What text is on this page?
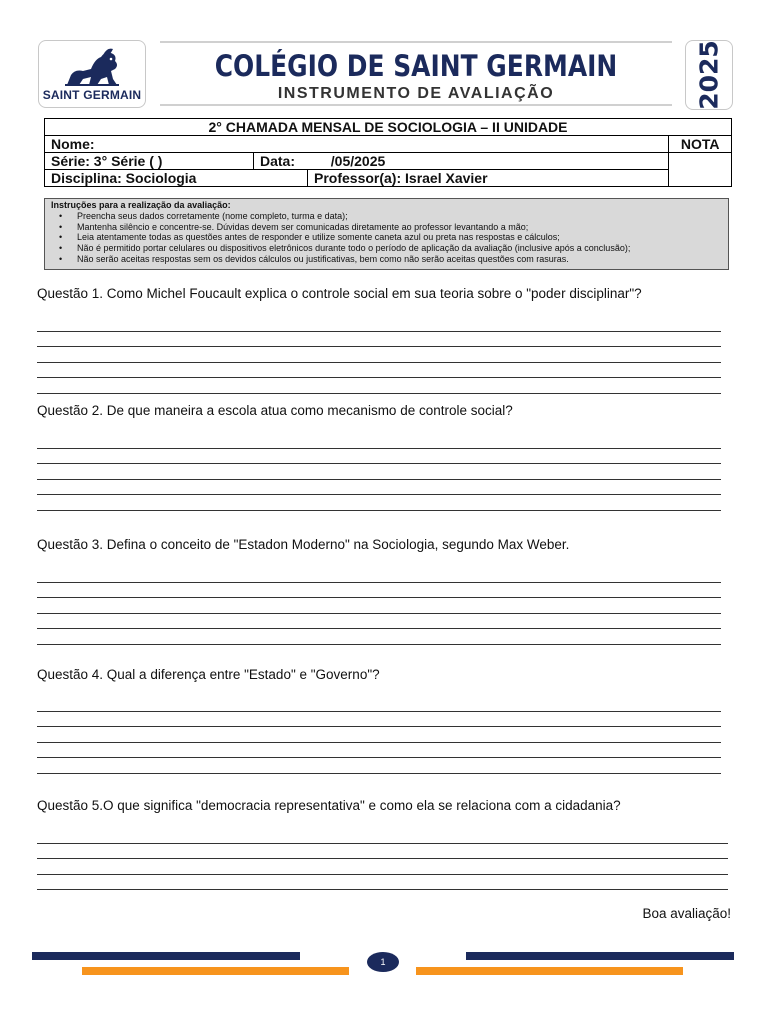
SAINT GERMAIN
COLÉGIO DE SAINT GERMAIN
INSTRUMENTO DE AVALIAÇÃO	2025
2° CHAMADA MENSAL DE SOCIOLOGIA – II UNIDADE		
Nome:		NOTA
Série: 3° Série ( )	Data: /05/2025	

Disciplina: Sociologia Professor(a): Israel Xavier		
Instruções para a realização da avaliação:
• Preencha seus dados corretamente (nome completo, turma e data);
• Mantenha silêncio e concentre-se. Dúvidas devem ser comunicadas diretamente ao professor levantando a mão;
• Leia atentamente todas as questões antes de responder e utilize somente caneta azul ou preta nas respostas e cálculos;
• Não é permitido portar celulares ou dispositivos eletrônicos durante todo o período de aplicação da avaliação (inclusive após a conclusão);
• Não serão aceitas respostas sem os devidos cálculos ou justificativas, bem como não serão aceitas questões com rasuras.
Questão 1. Como Michel Foucault explica o controle social em sua teoria sobre o "poder disciplinar"?
Questão 2. De que maneira a escola atua como mecanismo de controle social?
Questão 3. Defina o conceito de "Estadon Moderno" na Sociologia, segundo Max Weber.
Questão 4. Qual a diferença entre "Estado" e "Governo"?
Questão 5.O que significa "democracia representativa" e como ela se relaciona com a cidadania?
Boa avaliação!
1
